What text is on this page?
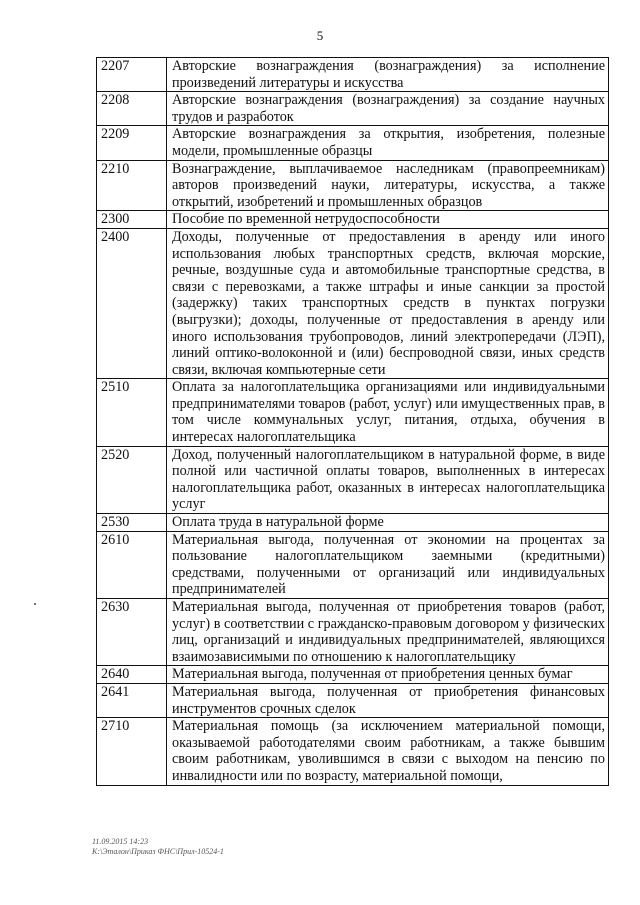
5
2207	Авторские вознаграждения (вознаграждения) за исполнение произведений литературы и искусства
2208	Авторские вознаграждения (вознаграждения) за создание научных трудов и разработок
2209	Авторские вознаграждения за открытия, изобретения, полезные модели, промышленные образцы
2210	Вознаграждение, выплачиваемое наследникам (правопреемникам) авторов произведений науки, литературы, искусства, а также открытий, изобретений и промышленных образцов
2300	Пособие по временной нетрудоспособности
2400	Доходы, полученные от предоставления в аренду или иного использования любых транспортных средств, включая морские, речные, воздушные суда и автомобильные транспортные средства, в связи с перевозками, а также штрафы и иные санкции за простой (задержку) таких транспортных средств в пунктах погрузки (выгрузки); доходы, полученные от предоставления в аренду или иного использования трубопроводов, линий электропередачи (ЛЭП), линий оптико-волоконной и (или) беспроводной связи, иных средств связи, включая компьютерные сети
2510	Оплата за налогоплательщика организациями или индивидуальными предпринимателями товаров (работ, услуг) или имущественных прав, в том числе коммунальных услуг, питания, отдыха, обучения в интересах налогоплательщика
2520	Доход, полученный налогоплательщиком в натуральной форме, в виде полной или частичной оплаты товаров, выполненных в интересах налогоплательщика работ, оказанных в интересах налогоплательщика услуг
2530	Оплата труда в натуральной форме
2610	Материальная выгода, полученная от экономии на процентах за пользование налогоплательщиком заемными (кредитными) средствами, полученными от организаций или индивидуальных предпринимателей
2630	Материальная выгода, полученная от приобретения товаров (работ, услуг) в соответствии с гражданско-правовым договором у физических лиц, организаций и индивидуальных предпринимателей, являющихся взаимозависимыми по отношению к налогоплательщику
2640	Материальная выгода, полученная от приобретения ценных бумаг
2641	Материальная выгода, полученная от приобретения финансовых инструментов срочных сделок
2710	Материальная помощь (за исключением материальной помощи, оказываемой работодателями своим работникам, а также бывшим своим работникам, уволившимся в связи с выходом на пенсию по инвалидности или по возрасту, материальной помощи,
11.09.2015 14:23
К:\Эталон\Приказ ФНС\Прил-10524-1
